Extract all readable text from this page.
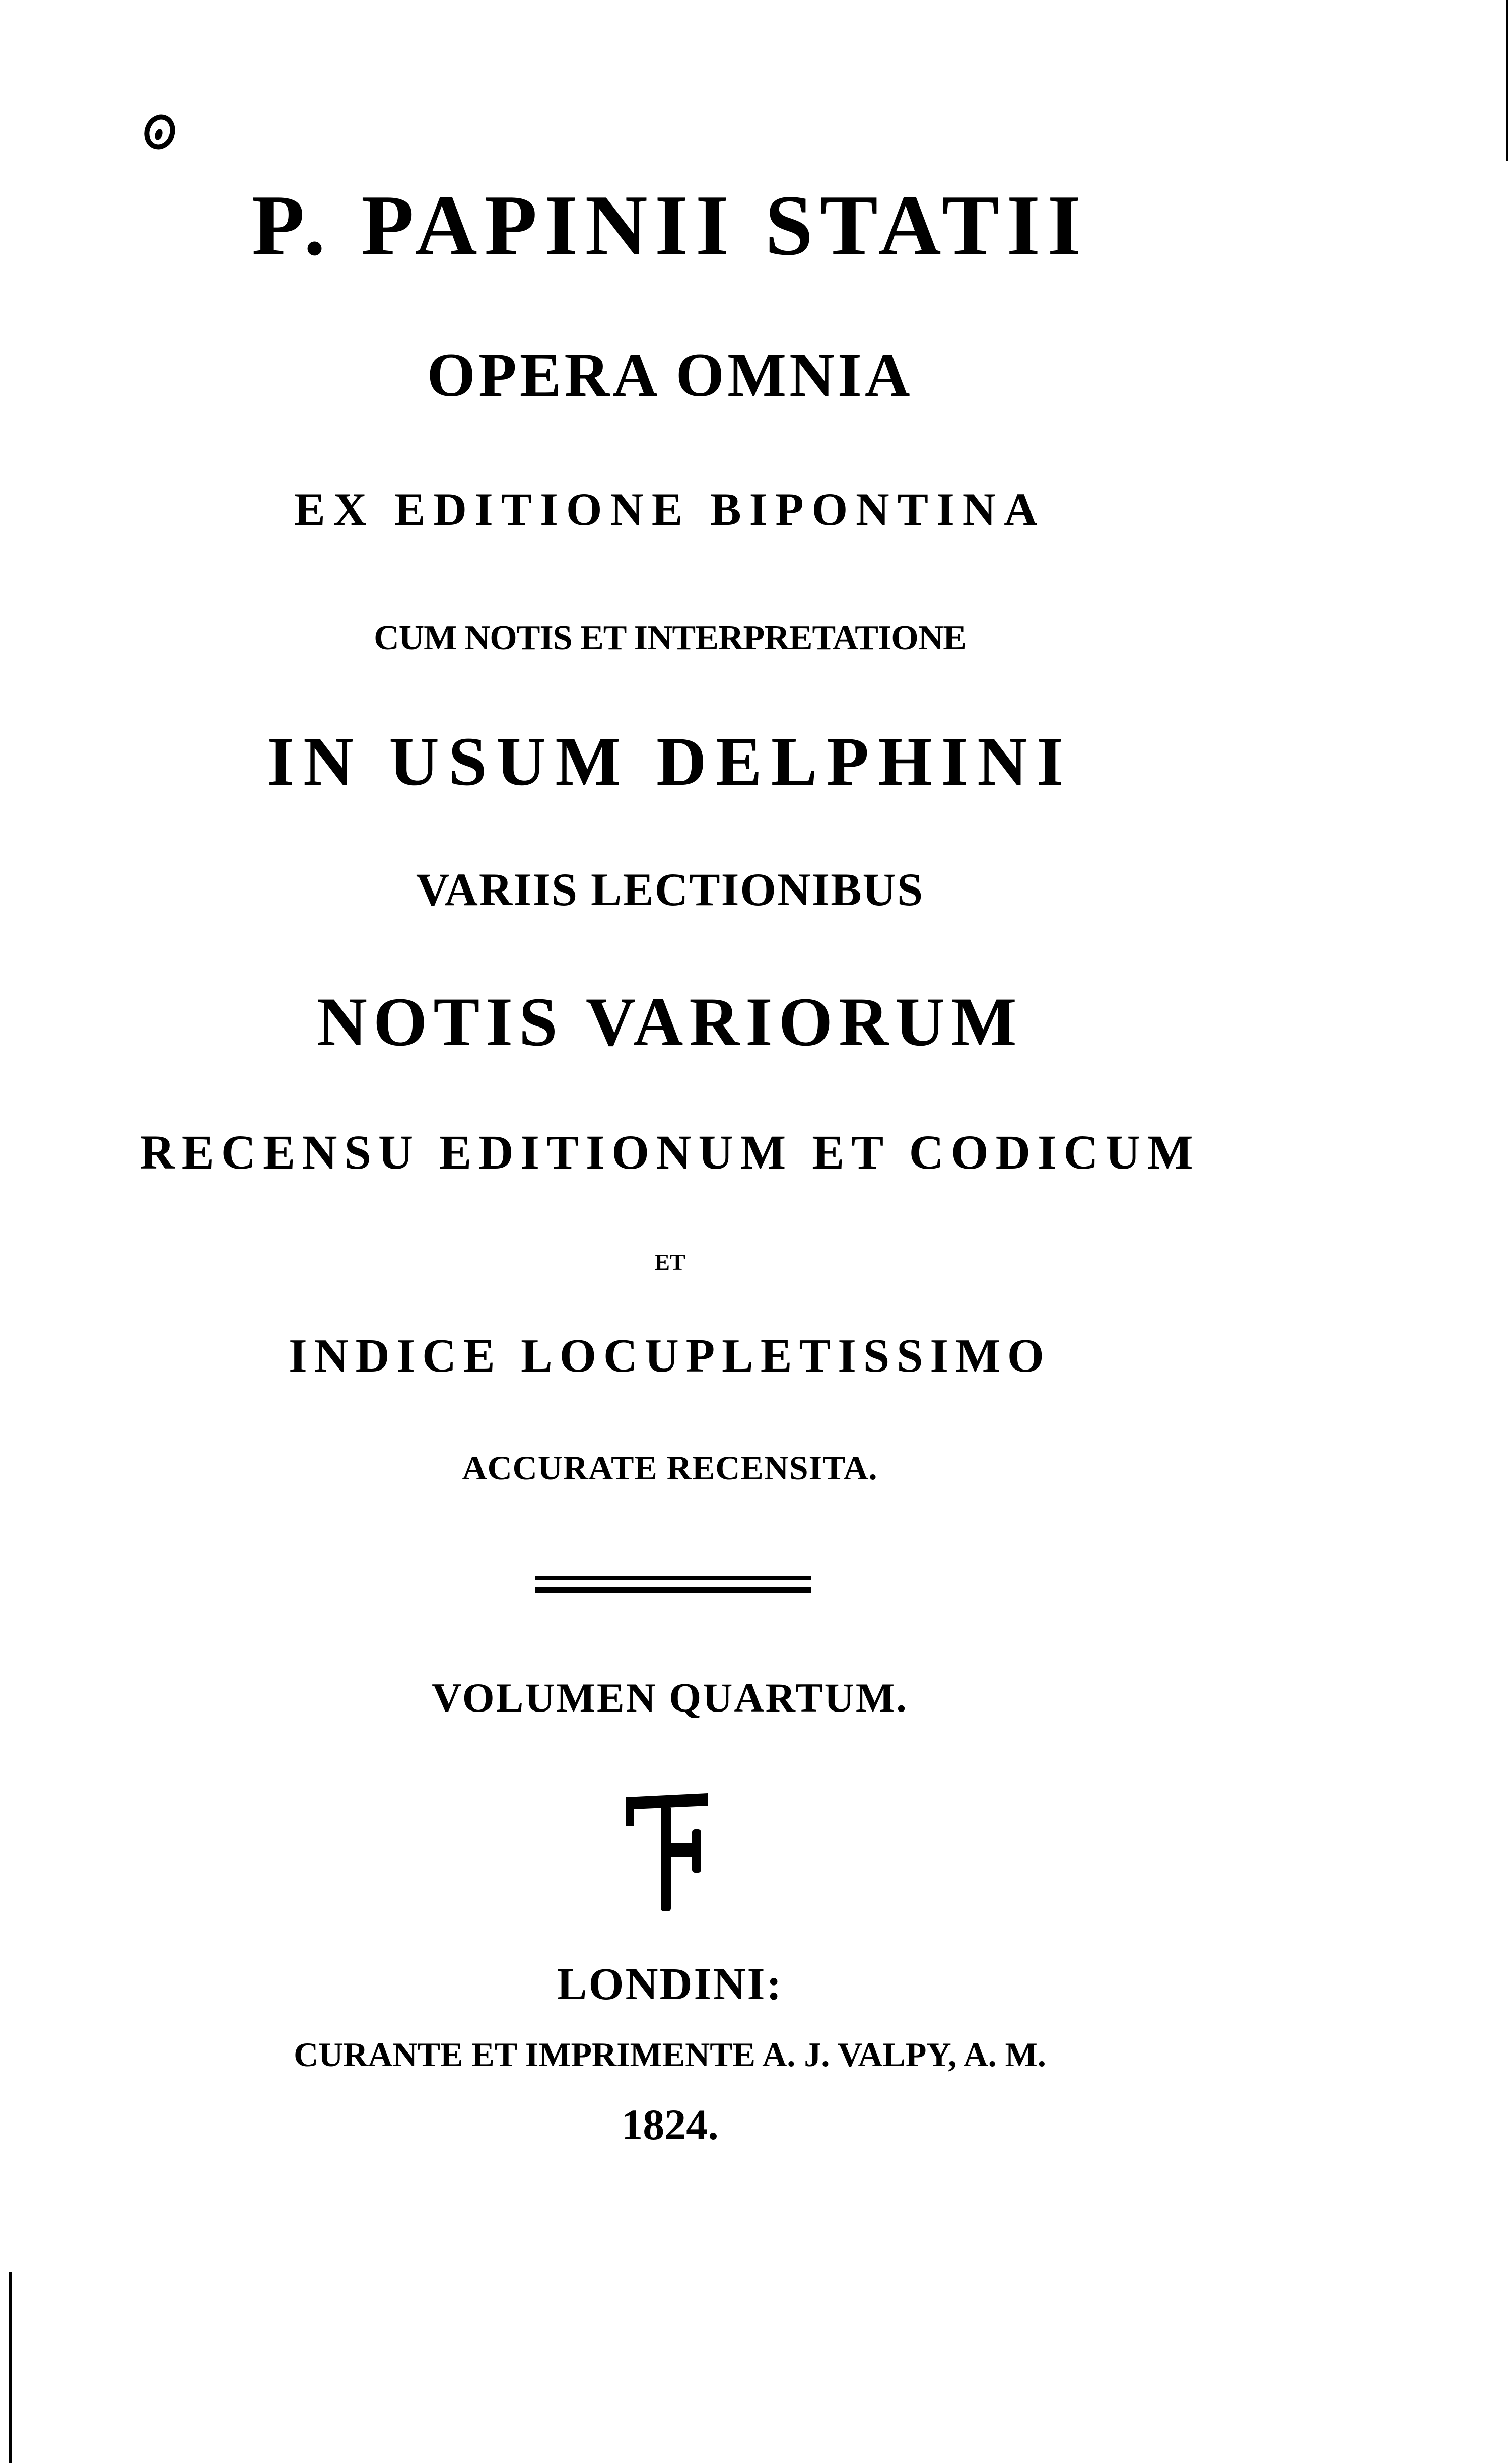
P. PAPINII STATII
OPERA OMNIA
EX EDITIONE BIPONTINA
CUM NOTIS ET INTERPRETATIONE
IN USUM DELPHINI
VARIIS LECTIONIBUS
NOTIS VARIORUM
RECENSU EDITIONUM ET CODICUM
ET
INDICE LOCUPLETISSIMO
ACCURATE RECENSITA.
VOLUMEN QUARTUM.
LONDINI:
CURANTE ET IMPRIMENTE A. J. VALPY, A. M.
1824.
